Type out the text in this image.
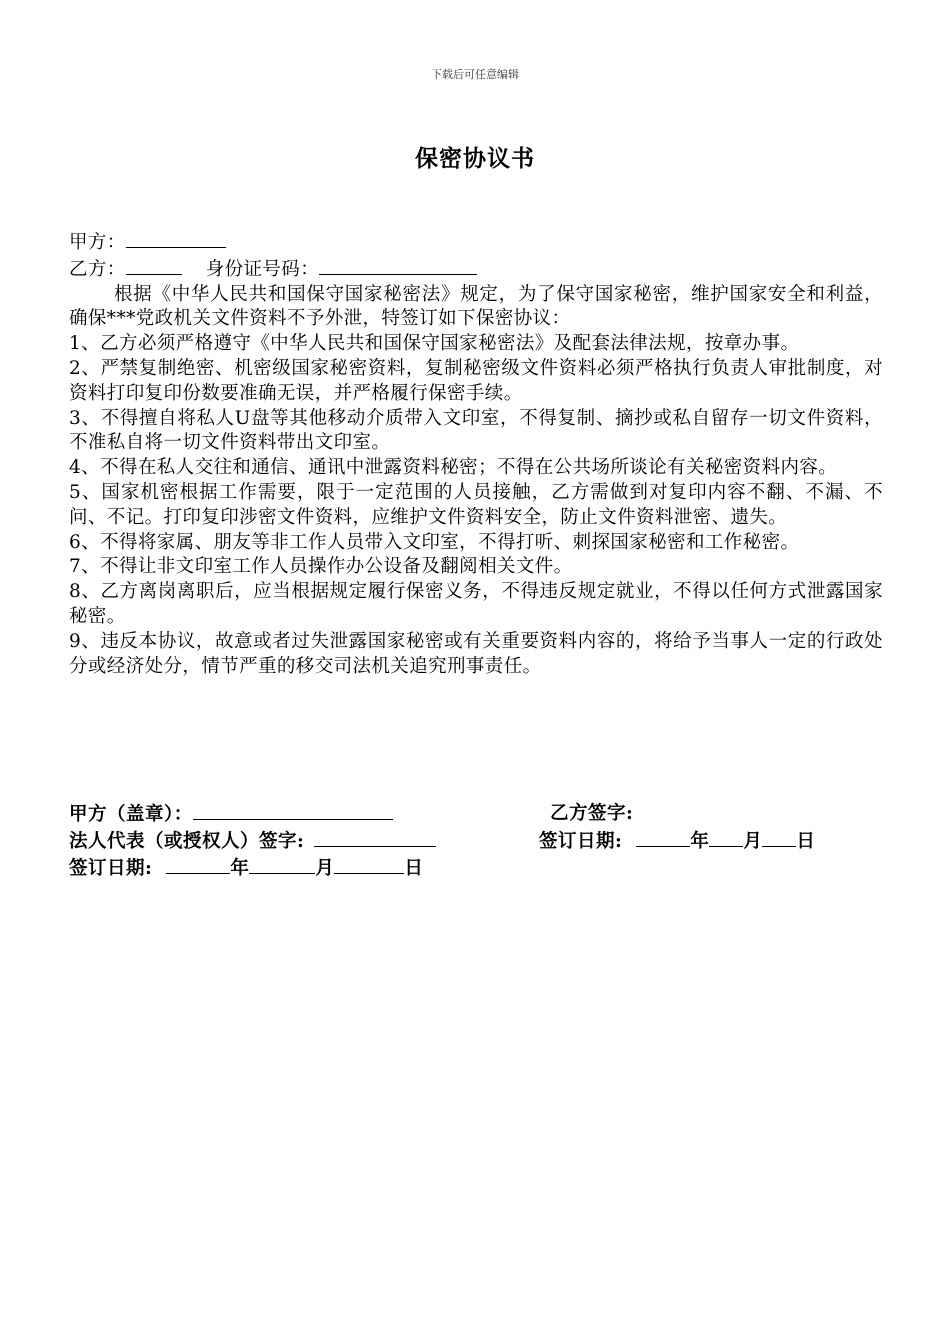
下载后可任意编辑
保密协议书
甲方：
乙方：	身份证号码：
根据《中华人民共和国保守国家秘密法》规定，为了保守国家秘密，维护国家安全和利益，确保***党政机关文件资料不予外泄，特签订如下保密协议：
1、乙方必须严格遵守《中华人民共和国保守国家秘密法》及配套法律法规，按章办事。
2、严禁复制绝密、机密级国家秘密资料，复制秘密级文件资料必须严格执行负责人审批制度，对资料打印复印份数要准确无误，并严格履行保密手续。
3、不得擅自将私人U盘等其他移动介质带入文印室，不得复制、摘抄或私自留存一切文件资料，不准私自将一切文件资料带出文印室。
4、不得在私人交往和通信、通讯中泄露资料秘密；不得在公共场所谈论有关秘密资料内容。
5、国家机密根据工作需要，限于一定范围的人员接触，乙方需做到对复印内容不翻、不漏、不问、不记。打印复印涉密文件资料，应维护文件资料安全，防止文件资料泄密、遗失。
6、不得将家属、朋友等非工作人员带入文印室，不得打听、刺探国家秘密和工作秘密。
7、不得让非文印室工作人员操作办公设备及翻阅相关文件。
8、乙方离岗离职后，应当根据规定履行保密义务，不得违反规定就业，不得以任何方式泄露国家秘密。
9、违反本协议，故意或者过失泄露国家秘密或有关重要资料内容的，将给予当事人一定的行政处分或经济处分，情节严重的移交司法机关追究刑事责任。
甲方（盖章）：	乙方签字:
法人代表（或授权人）签字:	签订日期:	年 月 日
签订日期:	年	月	日
